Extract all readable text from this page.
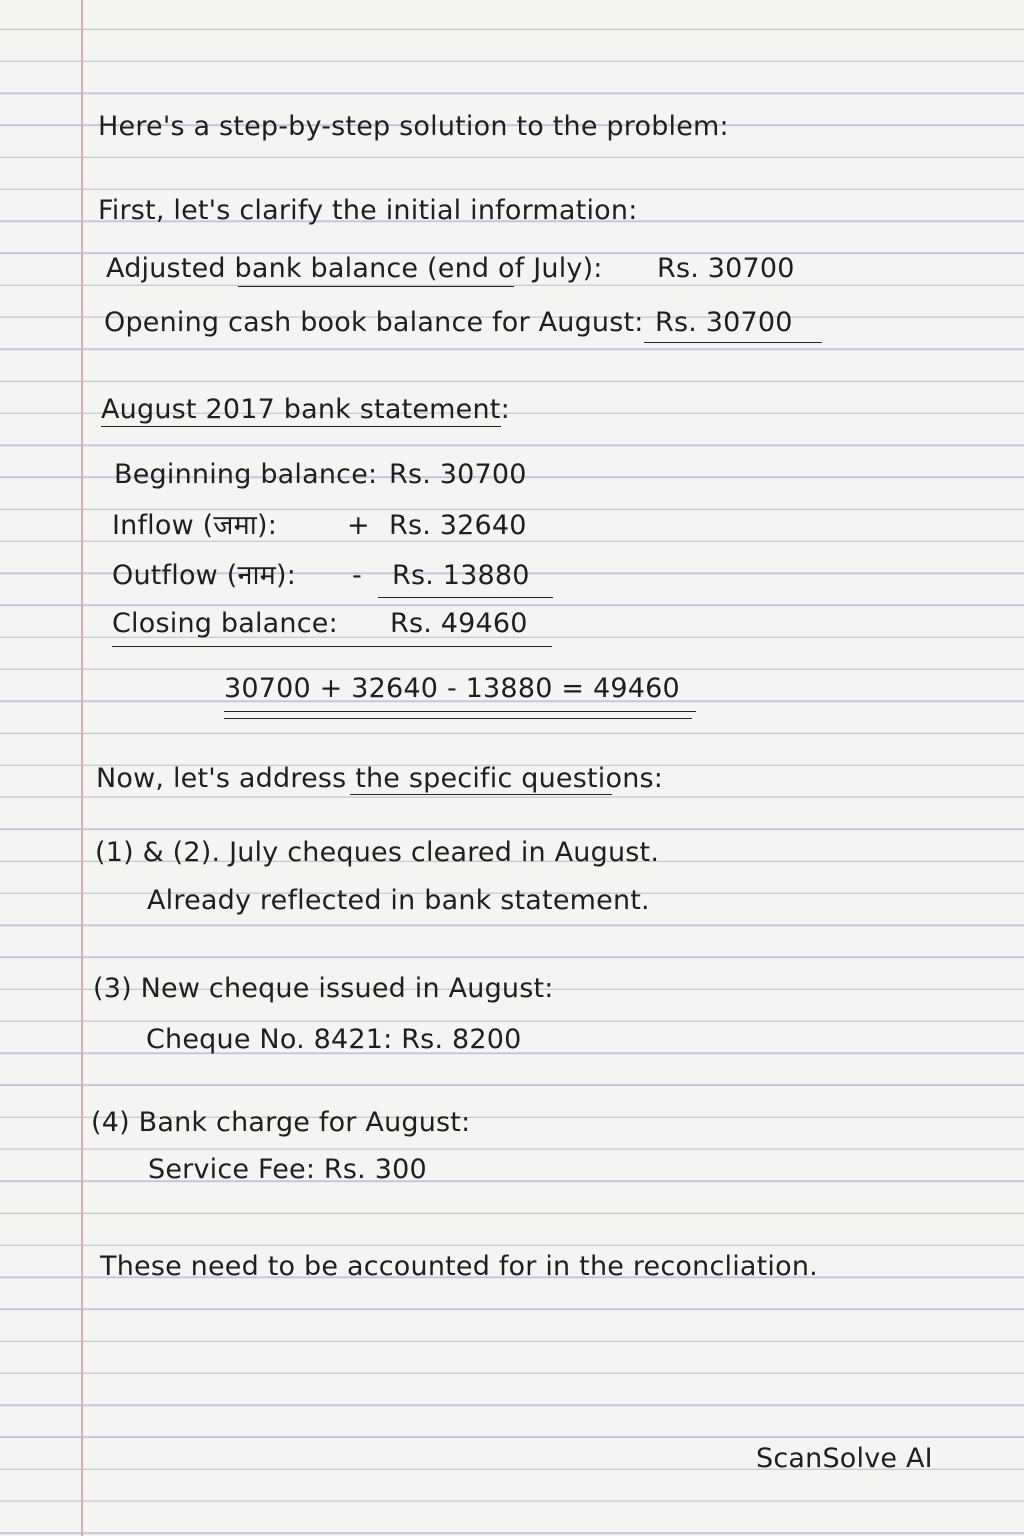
Here's a step-by-step solution to the problem:
First, let's clarify the initial information:
Adjusted bank balance (end of July): Rs. 30700
Opening cash book balance for August: Rs. 30700
August 2017 bank statement:
Beginning balance: Rs. 30700
Inflow (जमा):	+ Rs. 32640
Outflow (नाम): - Rs. 13880
Closing balance: Rs. 49460
30700 + 32640 - 13880 = 49460
Now, let's address the specific questions:
(1) & (2). July cheques cleared in August.
Already reflected in bank statement.
(3) New cheque issued in August:
Cheque No. 8421: Rs. 8200
(4) Bank charge for August:
Service Fee: Rs. 300
These need to be accounted for in the reconcliation.
ScanSolve AI
